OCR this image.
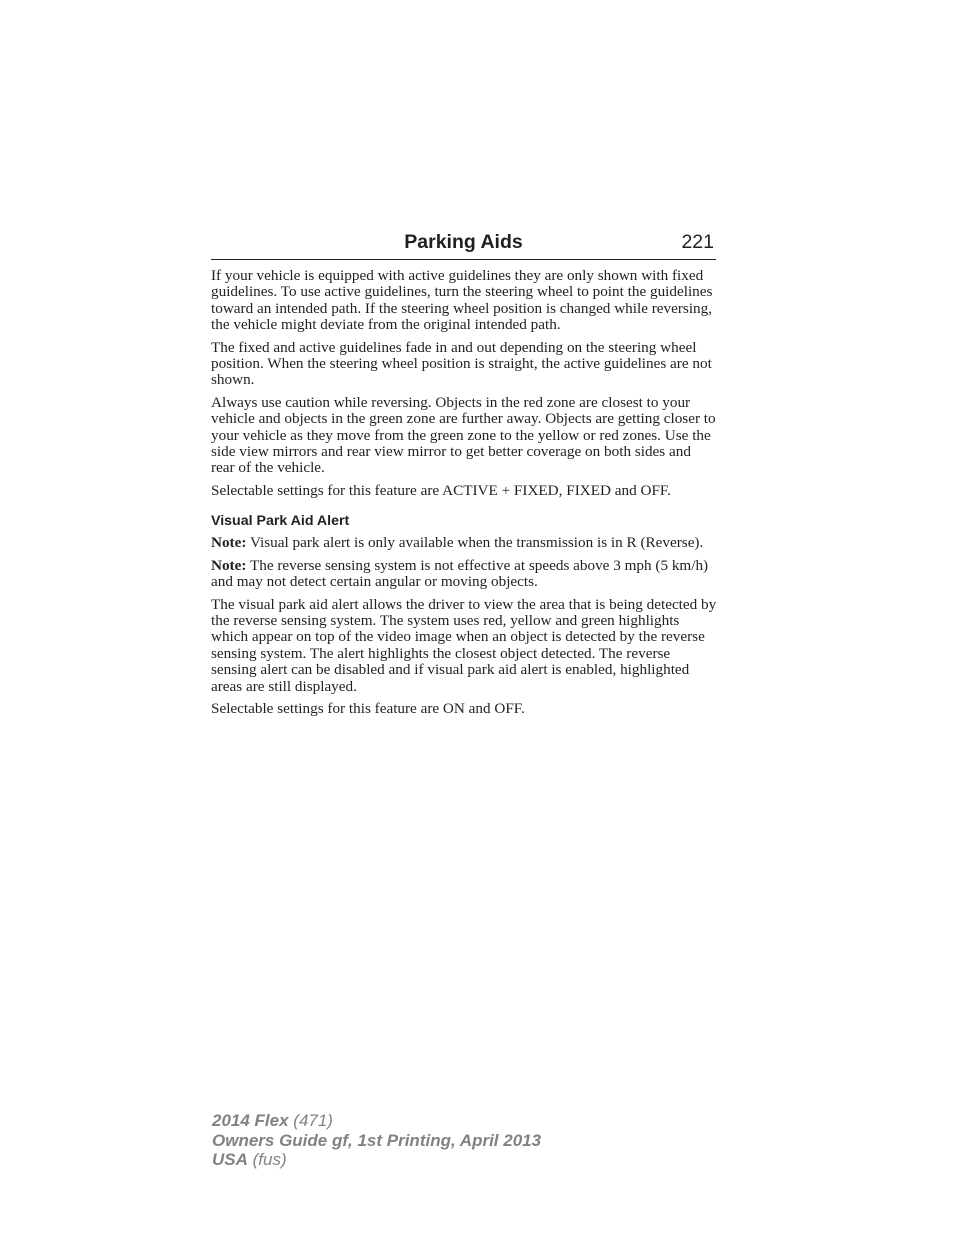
Parking Aids	221

If your vehicle is equipped with active guidelines they are only shown with fixed guidelines. To use active guidelines, turn the steering wheel to point the guidelines toward an intended path. If the steering wheel position is changed while reversing, the vehicle might deviate from the original intended path.

The fixed and active guidelines fade in and out depending on the steering wheel position. When the steering wheel position is straight, the active guidelines are not shown.

Always use caution while reversing. Objects in the red zone are closest to your vehicle and objects in the green zone are further away. Objects are getting closer to your vehicle as they move from the green zone to the yellow or red zones. Use the side view mirrors and rear view mirror to get better coverage on both sides and rear of the vehicle.

Selectable settings for this feature are ACTIVE + FIXED, FIXED and OFF.

Visual Park Aid Alert

Note: Visual park alert is only available when the transmission is in R (Reverse).

Note: The reverse sensing system is not effective at speeds above 3 mph (5 km/h) and may not detect certain angular or moving objects.

The visual park aid alert allows the driver to view the area that is being detected by the reverse sensing system. The system uses red, yellow and green highlights which appear on top of the video image when an object is detected by the reverse sensing system. The alert highlights the closest object detected. The reverse sensing alert can be disabled and if visual park aid alert is enabled, highlighted areas are still displayed.

Selectable settings for this feature are ON and OFF.

2014 Flex (471)
Owners Guide gf, 1st Printing, April 2013
USA (fus)
